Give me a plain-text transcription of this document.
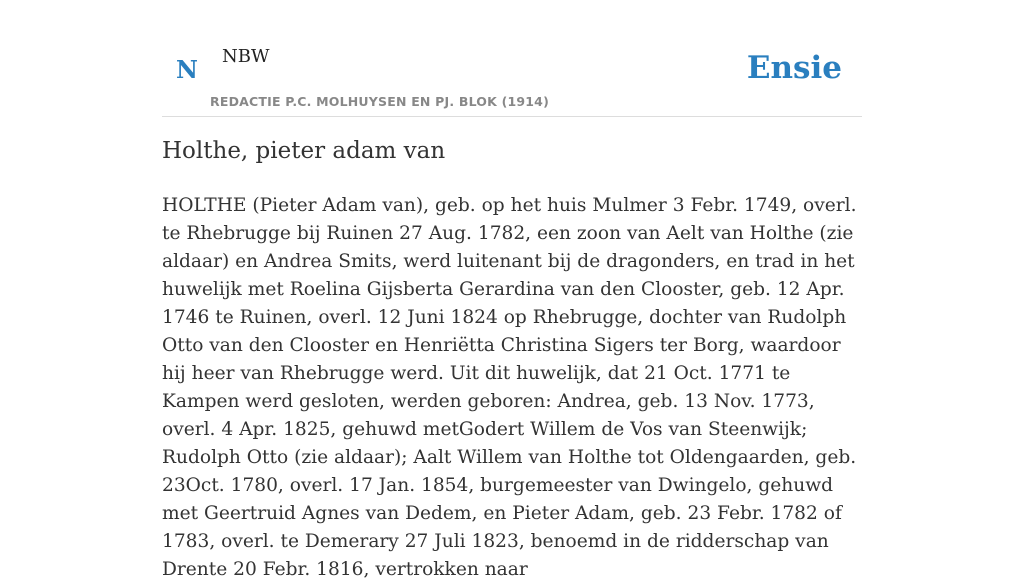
N NBW
REDACTIE P.C. MOLHUYSEN EN PJ. BLOK (1914)
Ensie
Holthe, pieter adam van

HOLTHE (Pieter Adam van), geb. op het huis Mulmer 3 Febr. 1749, overl. te Rhebrugge bij Ruinen 27 Aug. 1782, een zoon van Aelt van Holthe (zie aldaar) en Andrea Smits, werd luitenant bij de dragonders, en trad in het huwelijk met Roelina Gijsberta Gerardina van den Clooster, geb. 12 Apr. 1746 te Ruinen, overl. 12 Juni 1824 op Rhebrugge, dochter van Rudolph Otto van den Clooster en Henriëtta Christina Sigers ter Borg, waardoor hij heer van Rhebrugge werd. Uit dit huwelijk, dat 21 Oct. 1771 te Kampen werd gesloten, werden geboren: Andrea, geb. 13 Nov. 1773, overl. 4 Apr. 1825, gehuwd metGodert Willem de Vos van Steenwijk; Rudolph Otto (zie aldaar); Aalt Willem van Holthe tot Oldengaarden, geb. 23Oct. 1780, overl. 17 Jan. 1854, burgemeester van Dwingelo, gehuwd met Geertruid Agnes van Dedem, en Pieter Adam, geb. 23 Febr. 1782 of 1783, overl. te Demerary 27 Juli 1823, benoemd in de ridderschap van Drente 20 Febr. 1816, vertrokken naar
